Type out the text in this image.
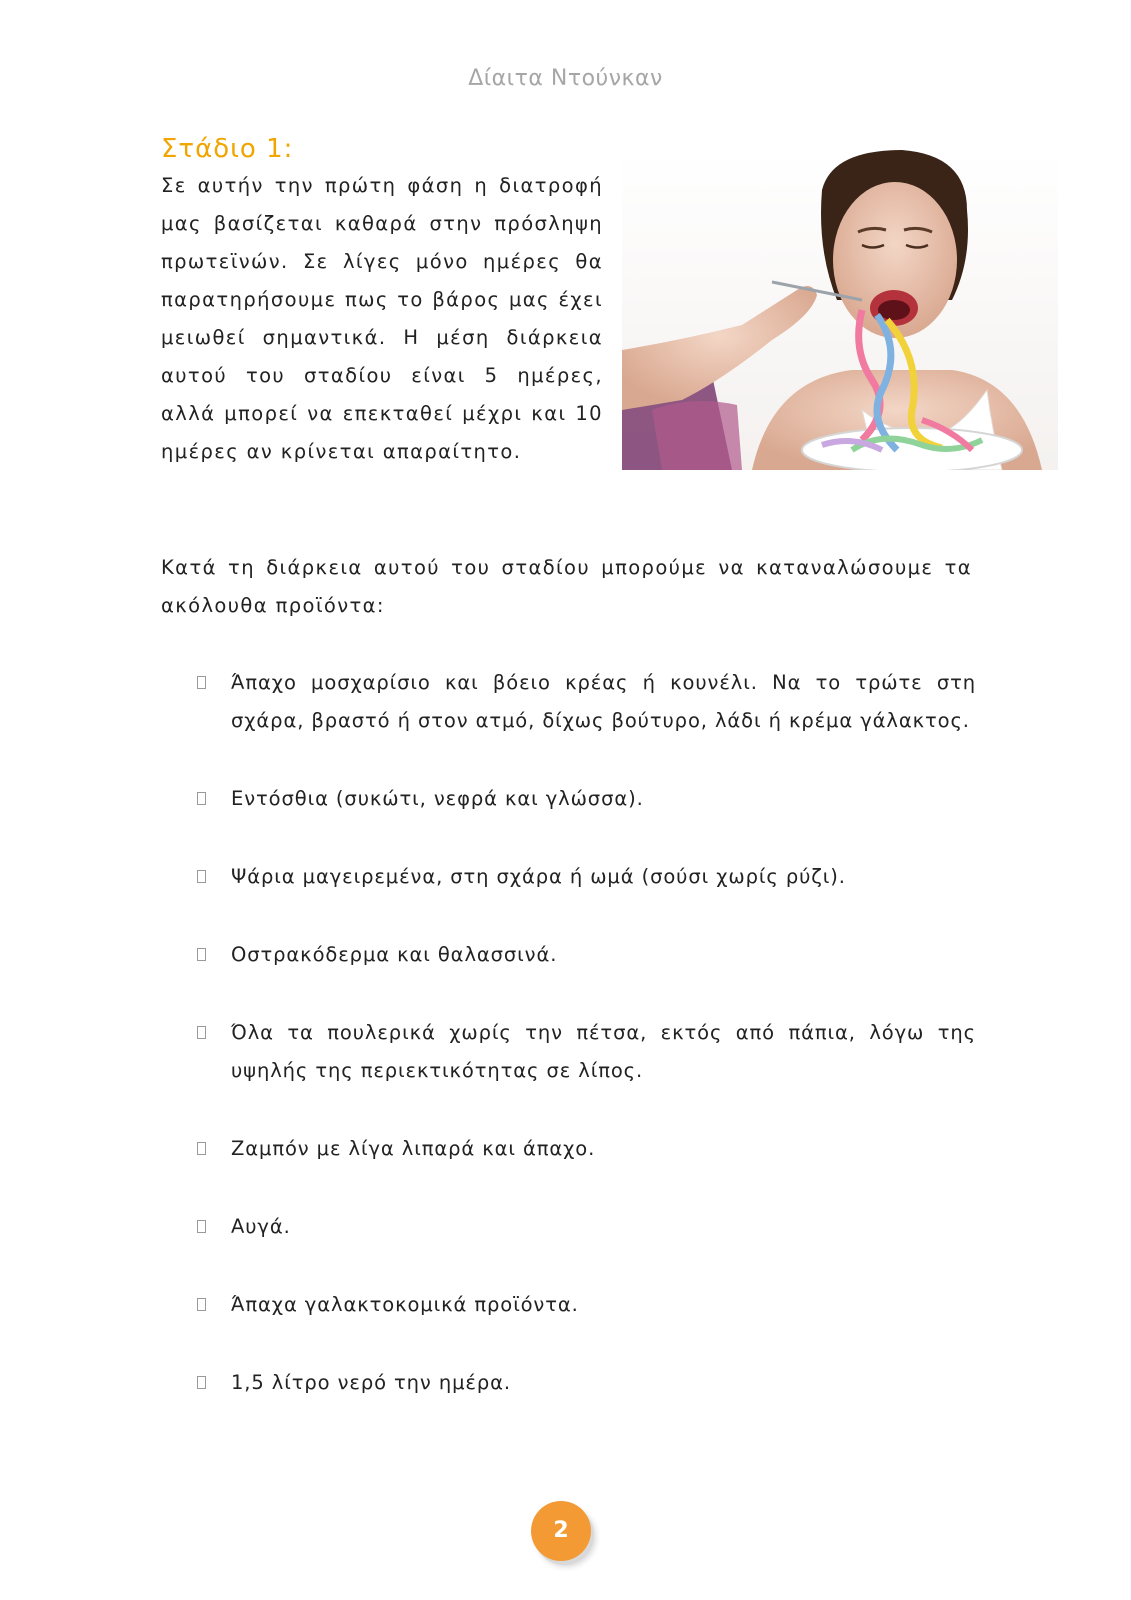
Δίαιτα Ντούνκαν
Στάδιο 1:

Σε αυτήν την πρώτη φάση η διατροφή μας βασίζεται καθαρά στην πρόσληψη πρωτεϊνών. Σε λίγες μόνο ημέρες θα παρατηρήσουμε πως το βάρος μας έχει μειωθεί σημαντικά. Η μέση διάρκεια αυτού του σταδίου είναι 5 ημέρες, αλλά μπορεί να επεκταθεί μέχρι και 10 ημέρες αν κρίνεται απαραίτητο.

Κατά τη διάρκεια αυτού του σταδίου μπορούμε να καταναλώσουμε τα ακόλουθα προϊόντα:

Άπαχο μοσχαρίσιο και βόειο κρέας ή κουνέλι. Να το τρώτε στη σχάρα, βραστό ή στον ατμό, δίχως βούτυρο, λάδι ή κρέμα γάλακτος.
Εντόσθια (συκώτι, νεφρά και γλώσσα).
Ψάρια μαγειρεμένα, στη σχάρα ή ωμά (σούσι χωρίς ρύζι).
Οστρακόδερμα και θαλασσινά.
Όλα τα πουλερικά χωρίς την πέτσα, εκτός από πάπια, λόγω της υψηλής της περιεκτικότητας σε λίπος.
Ζαμπόν με λίγα λιπαρά και άπαχο.
Αυγά.
Άπαχα γαλακτοκομικά προϊόντα.
1,5 λίτρο νερό την ημέρα.
2
